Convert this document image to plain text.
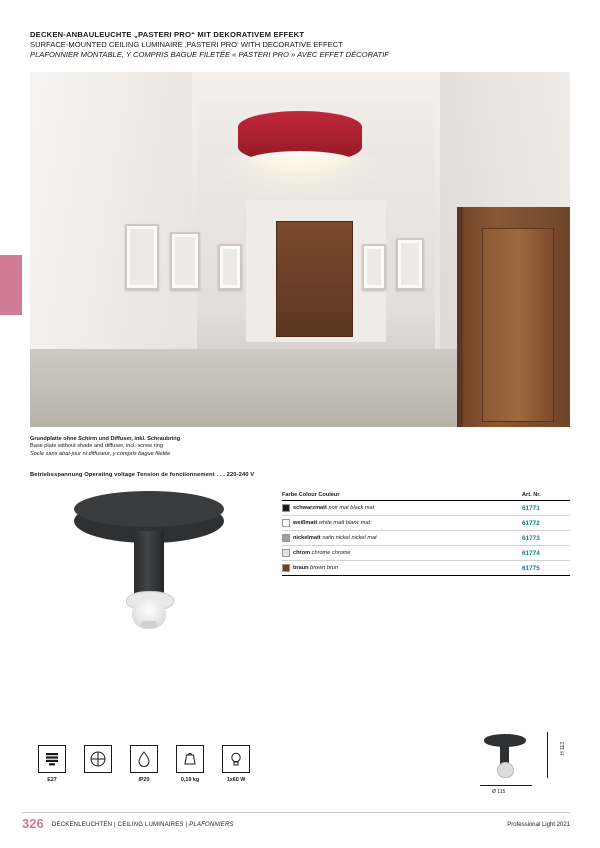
DECKEN-ANBAULEUCHTE „PASTERI PRO“ MIT DEKORATIVEM EFFEKT
SURFACE-MOUNTED CEILING LUMINAIRE ‚PASTERI PRO‘ WITH DECORATIVE EFFECT
PLAFONNIER MONTABLE, Y COMPRIS BAGUE FILETÉE « PASTERI PRO » AVEC EFFET DÉCORATIF
Grundplatte ohne Schirm und Diffuser, inkl. Schraubring
Base plate without shade and diffuser, incl. screw ring
Socle sans abat-jour ni diffuseur, y compris bague filetée
Betriebsspannung Operating voltage Tension de fonctionnement . . . 220-240 V
Farbe Colour Couleur	Art. Nr.
schwarzmatt noir mat black mat	61771
weißmatt white matt blanc mat	61772
nickelmatt satin nickel nickel mat	61773
chrom chrome chrome	61774
braun brown brun	61775
E27	IP20	0,19 kg	1x60 W
H 113
Ø 115
326 DECKENLEUCHTEN | CEILING LUMINAIRES | PLAFONNIERS	Professional Light 2021
